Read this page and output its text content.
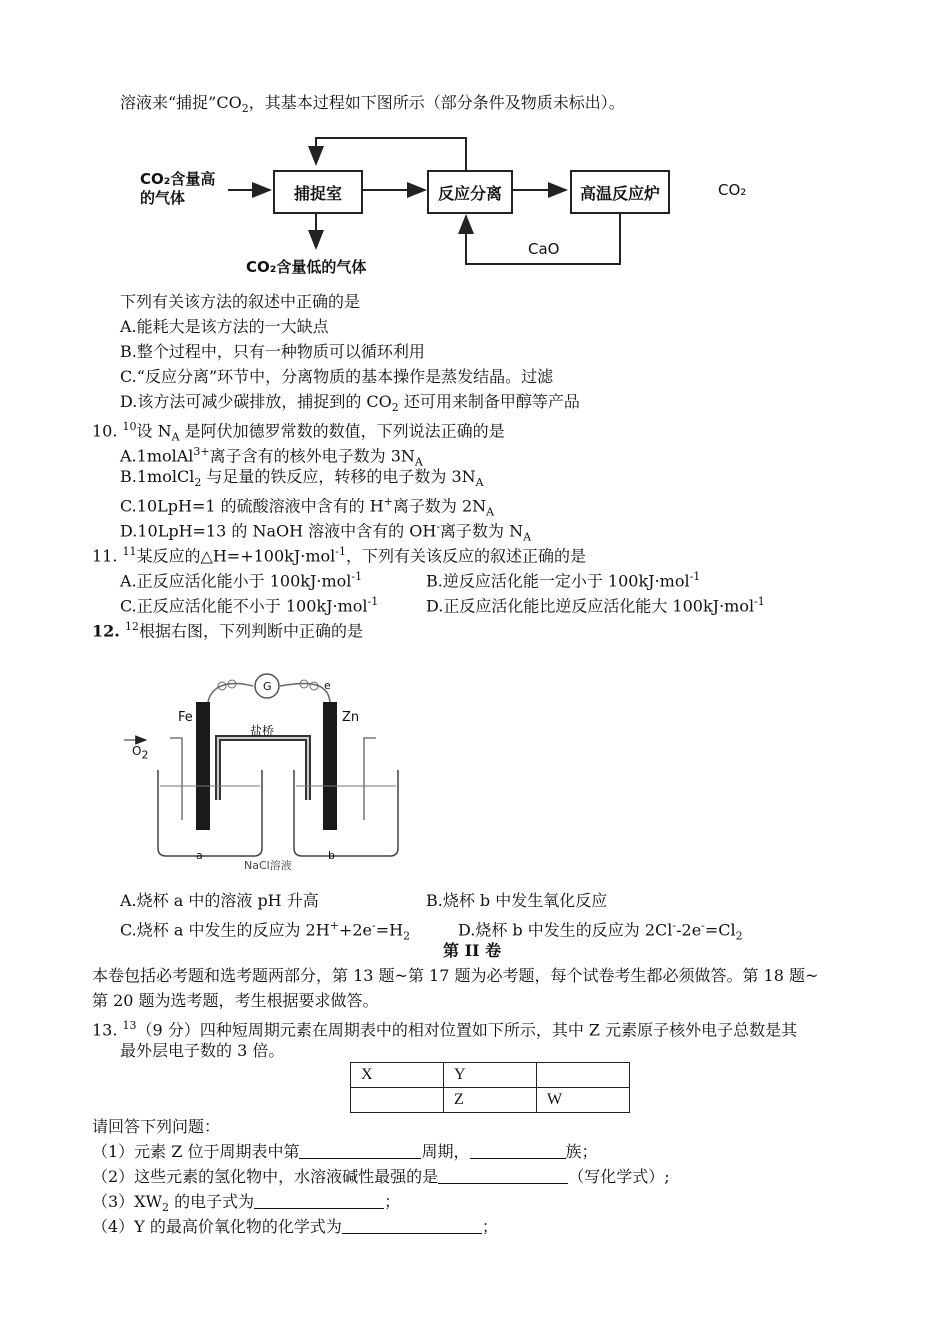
溶液来“捕捉$”CO_2$，其基本过程如下图所示（部分条件及物质未标出）。
CO₂含量高
的气体	捕捉室	反应分离	高温反应炉	CO₂
CO₂含量低的气体
CaO
下列有关该方法的叙述中正确的是
A.能耗大是该方法的一大缺点
B.整个过程中，只有一种物质可以循环利用
C.“反应分离”环节中，分离物质的基本操作是蒸发结晶。过滤
D.该方法可减少碳排放，捕捉到的 $CO_2$ 还可用来制备甲醇等产品
10. $^{10}$设 $N_A$ 是阿伏加德罗常数的数值，下列说法正确的是
A.1molAl$^{3+}$离子含有的核外电子数为 $3N_A$
B.1molCl$_2$ 与足量的铁反应，转移的电子数为 $3N_A$
C.10LpH=1 的硫酸溶液中含有的 H+离子数为 $2N_A$
D.10LpH=13 的 NaOH 溶液中含有的 OH-离子数为 $N_A$
11. $^{11}$某反应的△H=+100kJ·mol$^{-1}$，下列有关该反应的叙述正确的是
A.正反应活化能小于 100kJ·mol$^{-1}$	B.逆反应活化能一定小于 100kJ·mol$^{-1}$
C.正反应活化能不小于 100kJ·mol$^{-1}$	D.正反应活化能比逆反应活化能大 100kJ·mol$^{-1}$
12. $^{12}$根据右图，下列判断中正确的是
Fe	Zn
G	e
盐桥
$O_2$
a	b
NaCl溶液
A.烧杯 a 中的溶液 pH 升高	B.烧杯 b 中发生氧化反应
C.烧杯 a 中发生的反应为 $2H^++2e^-=H_2$	D.烧杯 b 中发生的反应为 $2Cl^--2e^-=Cl_2$
第 II 卷
本卷包括必考题和选考题两部分，第 13 题~第 17 题为必考题，每个试卷考生都必须做答。第 18 题~
第 20 题为选考题，考生根据要求做答。
13. $^{13}$（9 分）四种短周期元素在周期表中的相对位置如下所示，其中 Z 元素原子核外电子总数是其
最外层电子数的 3 倍。
X	Y	
	Z	W
请回答下列问题：
（1）元素 Z 位于周期表中第	周期，	族；
（2）这些元素的氢化物中，水溶液碱性最强的是	（写化学式）;
$(3)XW_2$ 的电子式为	；
（4）Y 的最高价氧化物的化学式为	；
